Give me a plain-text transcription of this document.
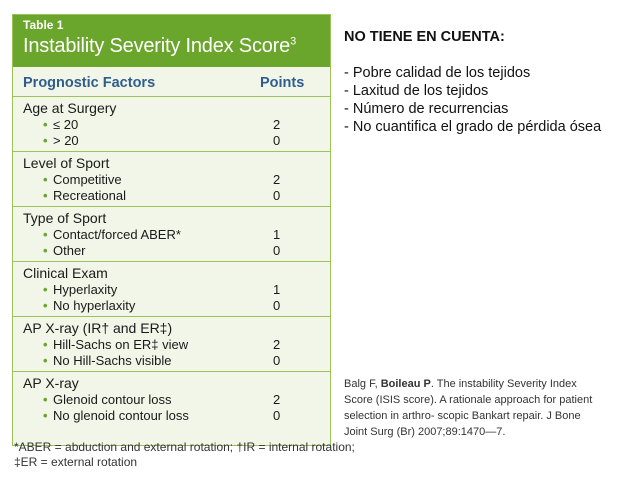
Table 1
Instability Severity Index Score$^3$
Prognostic Factors	Points
Age at Surgery
• ≤ 20	2
• > 20	0
Level of Sport
• Competitive	2
• Recreational	0
Type of Sport
• Contact/forced ABER*	1
• Other	0
Clinical Exam
• Hyperlaxity	1
• No hyperlaxity	0
AP X-ray (IR† and ER‡)
• Hill-Sachs on ER‡ view	2
• No Hill-Sachs visible	0
AP X-ray
• Glenoid contour loss	2
• No glenoid contour loss	0
*ABER = abduction and external rotation; †IR = internal rotation;
‡ER = external rotation
NO TIENE EN CUENTA:
- Pobre calidad de los tejidos
- Laxitud de los tejidos
- Número de recurrencias
- No cuantifica el grado de pérdida ósea
Balg F, Boileau P. The instability Severity Index Score (ISIS score). A rationale approach for patient selection in arthro- scopic Bankart repair. J Bone Joint Surg (Br) 2007;89:1470—7.
